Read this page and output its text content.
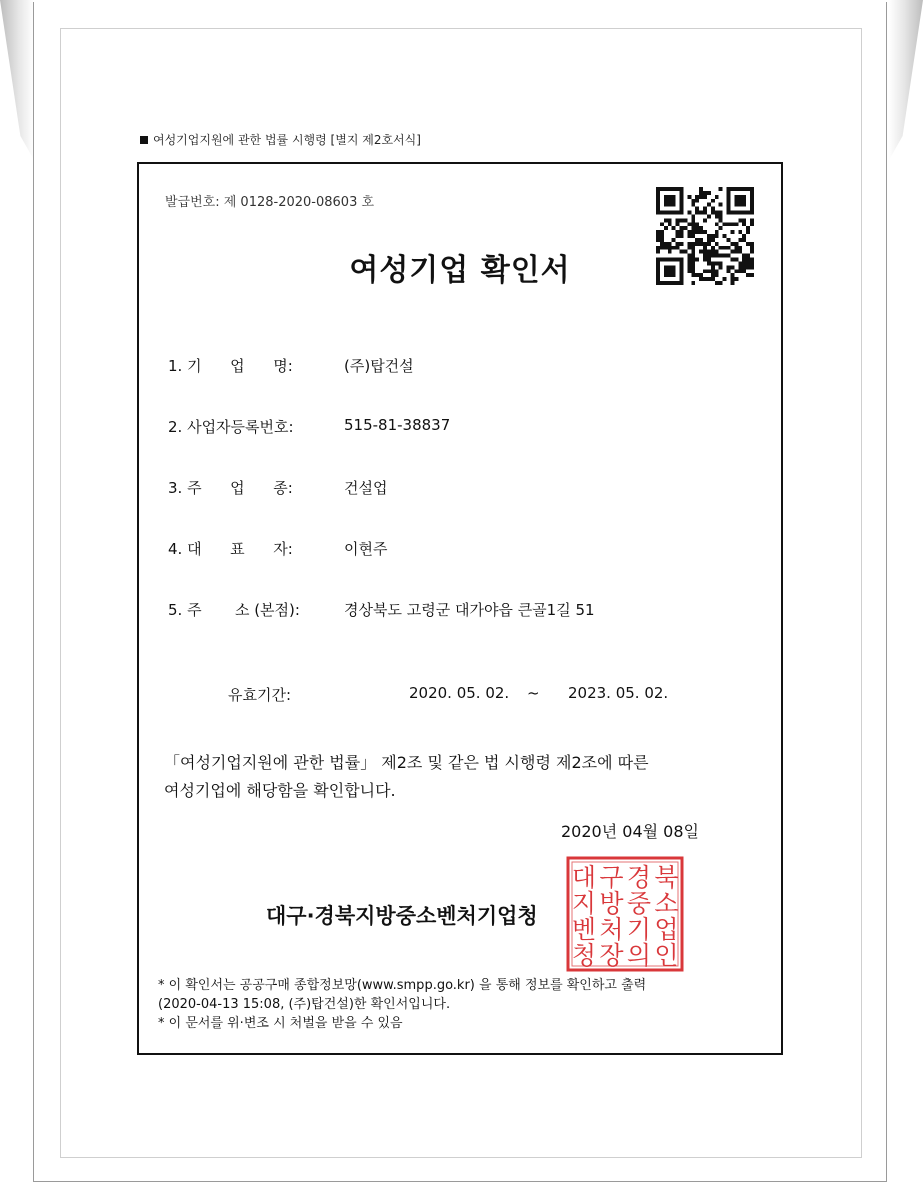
여성기업지원에 관한 법률 시행령 [별지 제2호서식]
발급번호: 제 0128-2020-08603 호
여성기업 확인서
1. 기      업      명:	(주)탑건설
2. 사업자등록번호:	515-81-38837
3. 주      업      종:	건설업
4. 대      표      자:	이현주
5. 주       소 (본점):	경상북도 고령군 대가야읍 큰골1길 51
유효기간:	2020. 05. 02. ~ 2023. 05. 02.
「여성기업지원에 관한 법률」 제2조 및 같은 법 시행령 제2조에 따른
여성기업에 해당함을 확인합니다.
2020년 04월 08일
대구·경북지방중소벤처기업청
대 구 경 북
지 방 중 소
벤 처 기 업
청 장 의 인
* 이 확인서는 공공구매 종합정보망(www.smpp.go.kr) 을 통해 정보를 확인하고 출력
(2020-04-13 15:08, (주)탑건설)한 확인서입니다.
* 이 문서를 위·변조 시 처벌을 받을 수 있음
